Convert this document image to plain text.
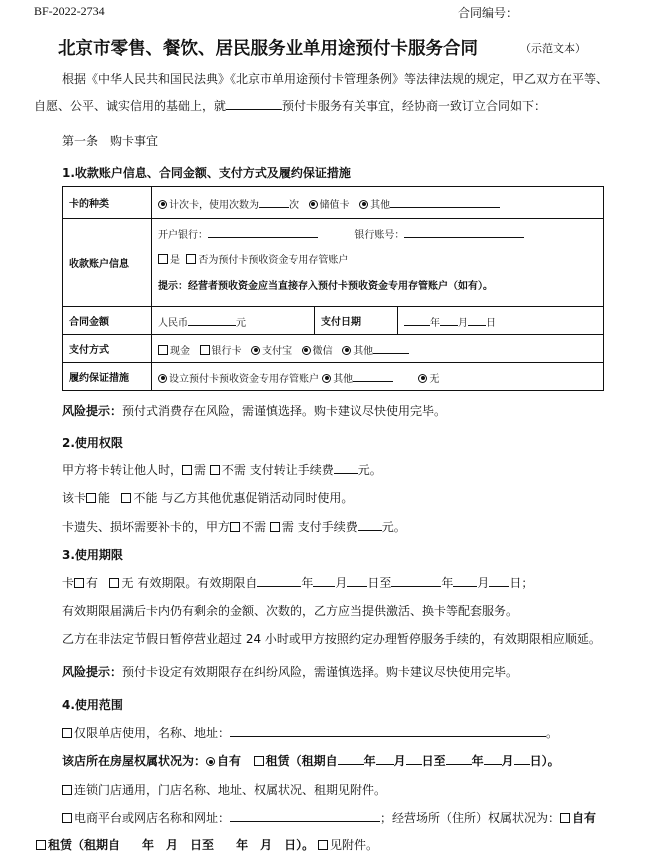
BF-2022-2734	合同编号：
北京市零售、餐饮、居民服务业单用途预付卡服务合同	（示范文本）
根据《中华人民共和国民法典》《北京市单用途预付卡管理条例》等法律法规的规定，甲乙双方在平等、
自愿、公平、诚实信用的基础上，就	预付卡服务有关事宜，经协商一致订立合同如下：
第一条　购卡事宜
1.收款账户信息、合同金额、支付方式及履约保证措施
卡的种类	计次卡，使用次数为 次 储值卡 其他		
收款账户信息	开户银行： 银行账号：
是 否为预付卡预收资金专用存管账户
提示：经营者预收资金应当直接存入预付卡预收资金专用存管账户（如有）。		

合同金额	人民币 元	支付日期	年 月 日
支付方式	现金 银行卡 支付宝 微信 其他		
履约保证措施	设立预付卡预收资金专用存管账户 其他 无		
风险提示：预付式消费存在风险，需谨慎选择。购卡建议尽快使用完毕。
2.使用权限
甲方将卡转让他人时， 需 不需 支付转让手续费 元。
该卡 能 不能 与乙方其他优惠促销活动同时使用。
卡遗失、损坏需要补卡的，甲方 不需 需 支付手续费 元。
3.使用期限
卡 有 无 有效期限。有效期限自	年 月 日至	年 月 日；
有效期限届满后卡内仍有剩余的金额、次数的，乙方应当提供激活、换卡等配套服务。
乙方在非法定节假日暂停营业超过 24 小时或甲方按照约定办理暂停服务手续的，有效期限相应顺延。
风险提示：预付卡设定有效期限存在纠纷风险，需谨慎选择。购卡建议尽快使用完毕。
4.使用范围
仅限单店使用，名称、地址：	。
该店所在房屋权属状况为： 自有 租赁（租期自 年 月 日至 年 月 日）。
连锁门店通用，门店名称、地址、权属状况、租期见附件。
电商平台或网店名称和网址：	；经营场所（住所）权属状况为： 自有
租赁（租期自 年 月 日至 年 月 日）。 见附件。
